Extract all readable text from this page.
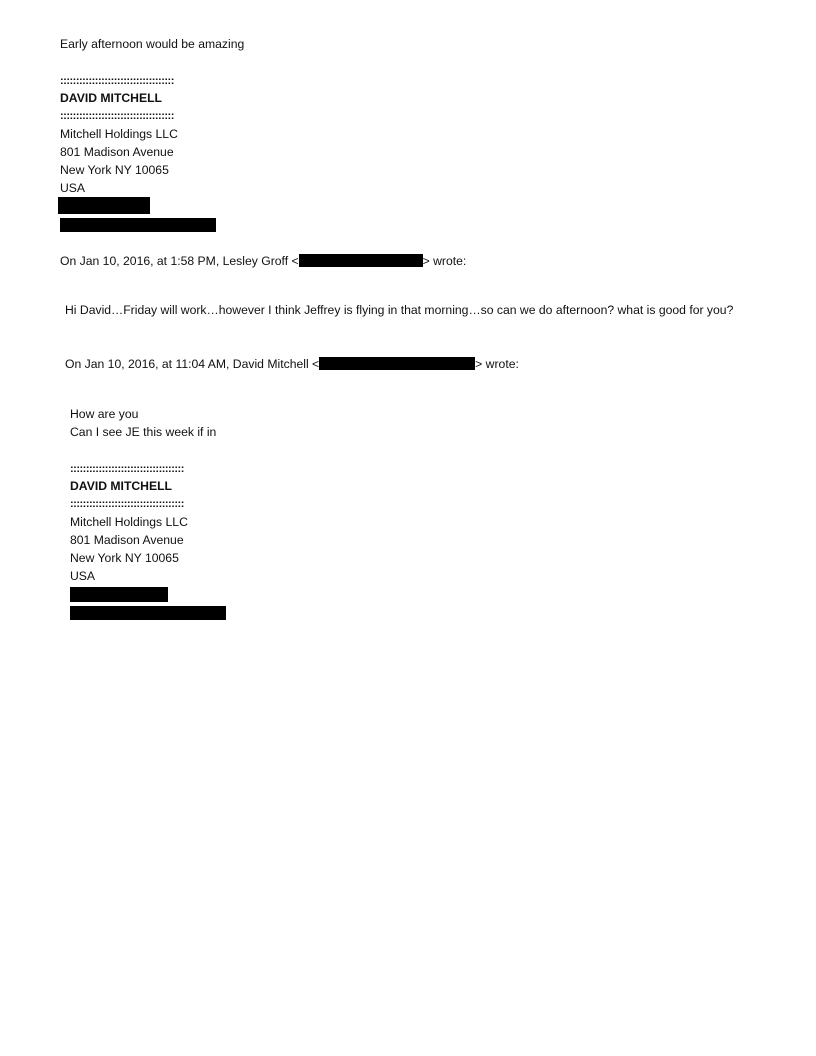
Early afternoon would be amazing
::::::::::::::::::::::::::::::::::::
DAVID MITCHELL
::::::::::::::::::::::::::::::::::::
Mitchell Holdings LLC
801 Madison Avenue
New York NY 10065
USA
On Jan 10, 2016, at 1:58 PM, Lesley Groff <	> wrote:
Hi David…Friday will work…however I think Jeffrey is flying in that morning…so can we do afternoon? what is good for you?
On Jan 10, 2016, at 11:04 AM, David Mitchell <	> wrote:
How are you
Can I see JE this week if in
::::::::::::::::::::::::::::::::::::
DAVID MITCHELL
::::::::::::::::::::::::::::::::::::
Mitchell Holdings LLC
801 Madison Avenue
New York NY 10065
USA
